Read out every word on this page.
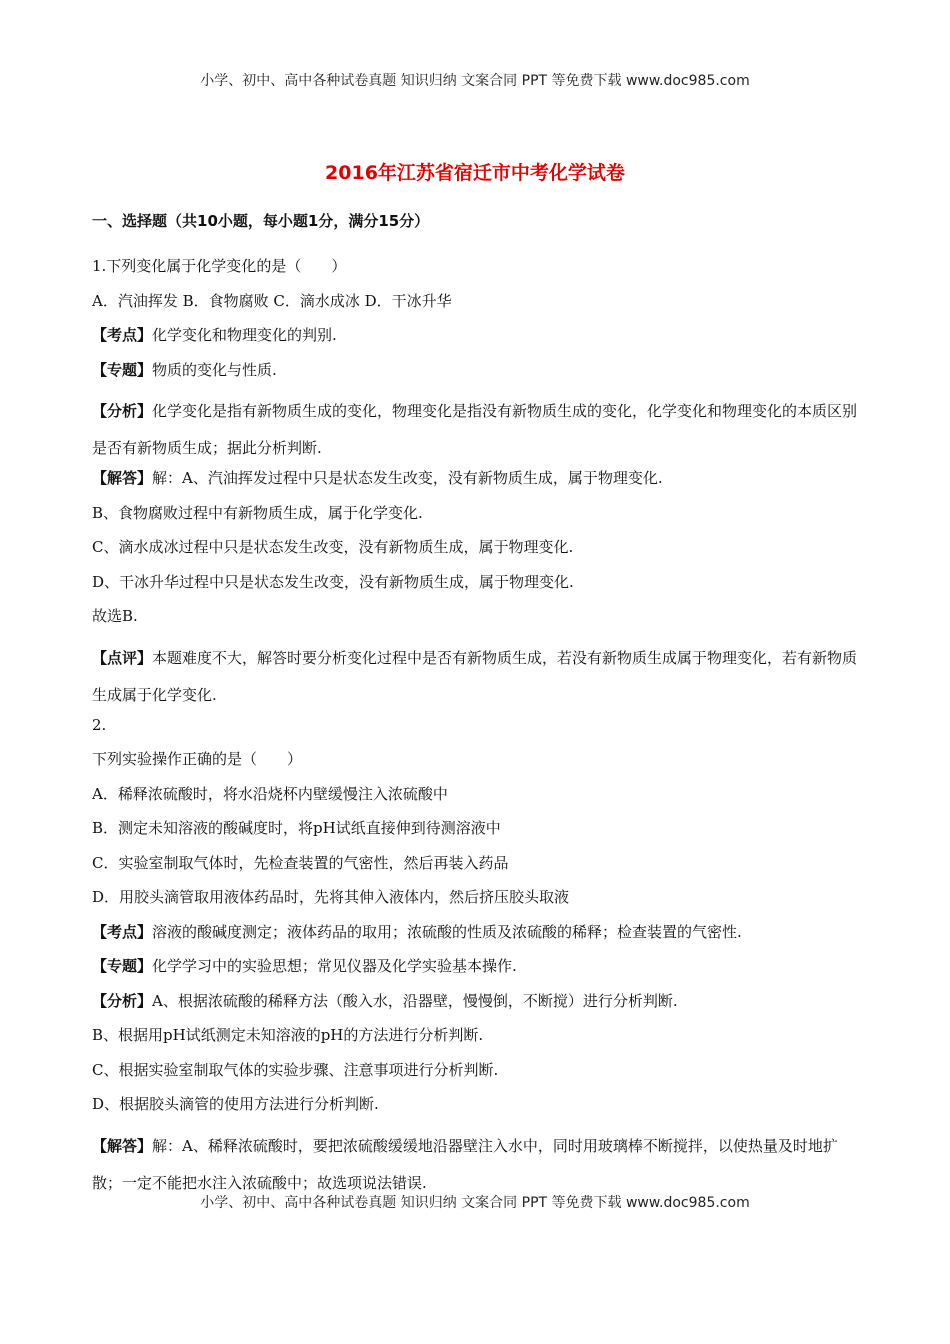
小学、初中、高中各种试卷真题 知识归纳 文案合同 PPT 等免费下载 www.doc985.com
2016年江苏省宿迁市中考化学试卷
一、选择题（共10小题，每小题1分，满分15分）
1.下列变化属于化学变化的是（　　）
A．汽油挥发 B．食物腐败 C．滴水成冰 D．干冰升华
【考点】化学变化和物理变化的判别.
【专题】物质的变化与性质.
【分析】化学变化是指有新物质生成的变化，物理变化是指没有新物质生成的变化，化学变化和物理变化的本质区别是否有新物质生成；据此分析判断.
【解答】解：A、汽油挥发过程中只是状态发生改变，没有新物质生成，属于物理变化.
B、食物腐败过程中有新物质生成，属于化学变化.
C、滴水成冰过程中只是状态发生改变，没有新物质生成，属于物理变化.
D、干冰升华过程中只是状态发生改变，没有新物质生成，属于物理变化.
故选B.
【点评】本题难度不大，解答时要分析变化过程中是否有新物质生成，若没有新物质生成属于物理变化，若有新物质生成属于化学变化.
2.
下列实验操作正确的是（　　）
A．稀释浓硫酸时，将水沿烧杯内壁缓慢注入浓硫酸中
B．测定未知溶液的酸碱度时，将pH试纸直接伸到待测溶液中
C．实验室制取气体时，先检查装置的气密性，然后再装入药品
D．用胶头滴管取用液体药品时，先将其伸入液体内，然后挤压胶头取液
【考点】溶液的酸碱度测定；液体药品的取用；浓硫酸的性质及浓硫酸的稀释；检查装置的气密性.
【专题】化学学习中的实验思想；常见仪器及化学实验基本操作.
【分析】A、根据浓硫酸的稀释方法（酸入水，沿器壁，慢慢倒，不断搅）进行分析判断.
B、根据用pH试纸测定未知溶液的pH的方法进行分析判断.
C、根据实验室制取气体的实验步骤、注意事项进行分析判断.
D、根据胶头滴管的使用方法进行分析判断.
【解答】解：A、稀释浓硫酸时，要把浓硫酸缓缓地沿器壁注入水中，同时用玻璃棒不断搅拌，以使热量及时地扩散；一定不能把水注入浓硫酸中；故选项说法错误.
小学、初中、高中各种试卷真题 知识归纳 文案合同 PPT 等免费下载 www.doc985.com
